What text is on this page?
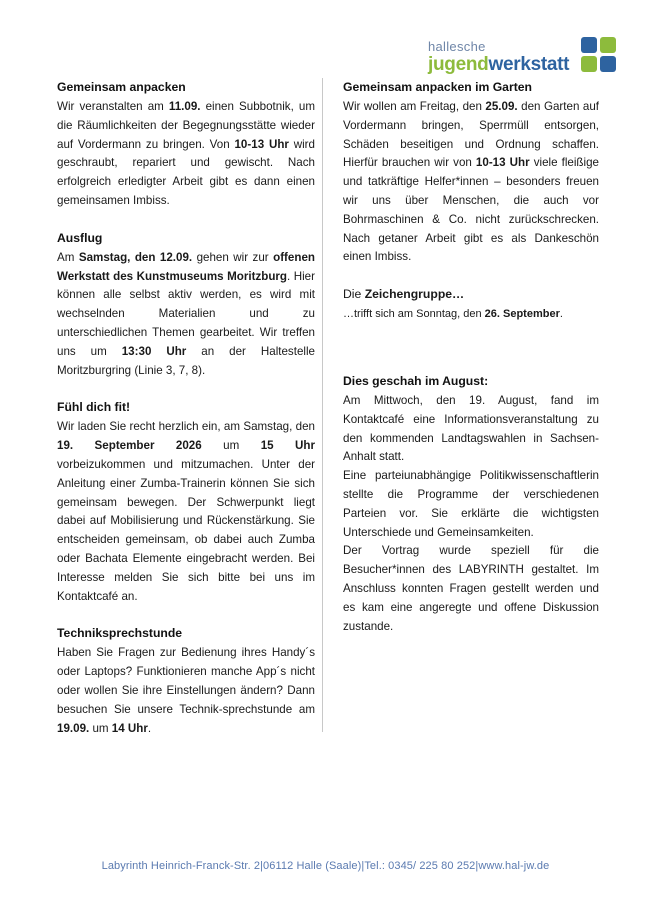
hallesche
jugendwerkstatt
Gemeinsam anpacken

Wir veranstalten am 11.09. einen Subbotnik, um die Räumlichkeiten der Begegnungsstätte wieder auf Vordermann zu bringen. Von 10-13 Uhr wird geschraubt, repariert und gewischt. Nach erfolgreich erledigter Arbeit gibt es dann einen gemeinsamen Imbiss.

Ausflug

Am Samstag, den 12.09. gehen wir zur offenen Werkstatt des Kunstmuseums Moritzburg. Hier können alle selbst aktiv werden, es wird mit wechselnden Materialien und zu unterschiedlichen Themen gearbeitet. Wir treffen uns um 13:30 Uhr an der Haltestelle Moritzburgring (Linie 3, 7, 8).

Fühl dich fit!

Wir laden Sie recht herzlich ein, am Samstag, den 19. September 2026 um 15 Uhr vorbeizukommen und mitzumachen. Unter der Anleitung einer Zumba-Trainerin können Sie sich gemeinsam bewegen. Der Schwerpunkt liegt dabei auf Mobilisierung und Rückenstärkung. Sie entscheiden gemeinsam, ob dabei auch Zumba oder Bachata Elemente eingebracht werden. Bei Interesse melden Sie sich bitte bei uns im Kontaktcafé an.

Techniksprechstunde

Haben Sie Fragen zur Bedienung ihres Handy´s oder Laptops? Funktionieren manche App´s nicht oder wollen Sie ihre Einstellungen ändern? Dann besuchen Sie unsere Technik-sprechstunde am 19.09. um 14 Uhr.

Gemeinsam anpacken im Garten

Wir wollen am Freitag, den 25.09. den Garten auf Vordermann bringen, Sperrmüll entsorgen, Schäden beseitigen und Ordnung schaffen. Hierfür brauchen wir von 10-13 Uhr viele fleißige und tatkräftige Helfer*innen – besonders freuen wir uns über Menschen, die auch vor Bohrmaschinen & Co. nicht zurückschrecken. Nach getaner Arbeit gibt es als Dankeschön einen Imbiss.

Die Zeichengruppe…

…trifft sich am Sonntag, den 26. September.

Dies geschah im August:

Am Mittwoch, den 19. August, fand im Kontaktcafé eine Informationsveranstaltung zu den kommenden Landtagswahlen in Sachsen-Anhalt statt.

Eine parteiunabhängige Politikwissenschaftlerin stellte die Programme der verschiedenen Parteien vor. Sie erklärte die wichtigsten Unterschiede und Gemeinsamkeiten.

Der Vortrag wurde speziell für die Besucher*innen des LABYRINTH gestaltet. Im Anschluss konnten Fragen gestellt werden und es kam eine angeregte und offene Diskussion zustande.

Labyrinth Heinrich-Franck-Str. 2|06112 Halle (Saale)|Tel.: 0345/ 225 80 252|www.hal-jw.de
